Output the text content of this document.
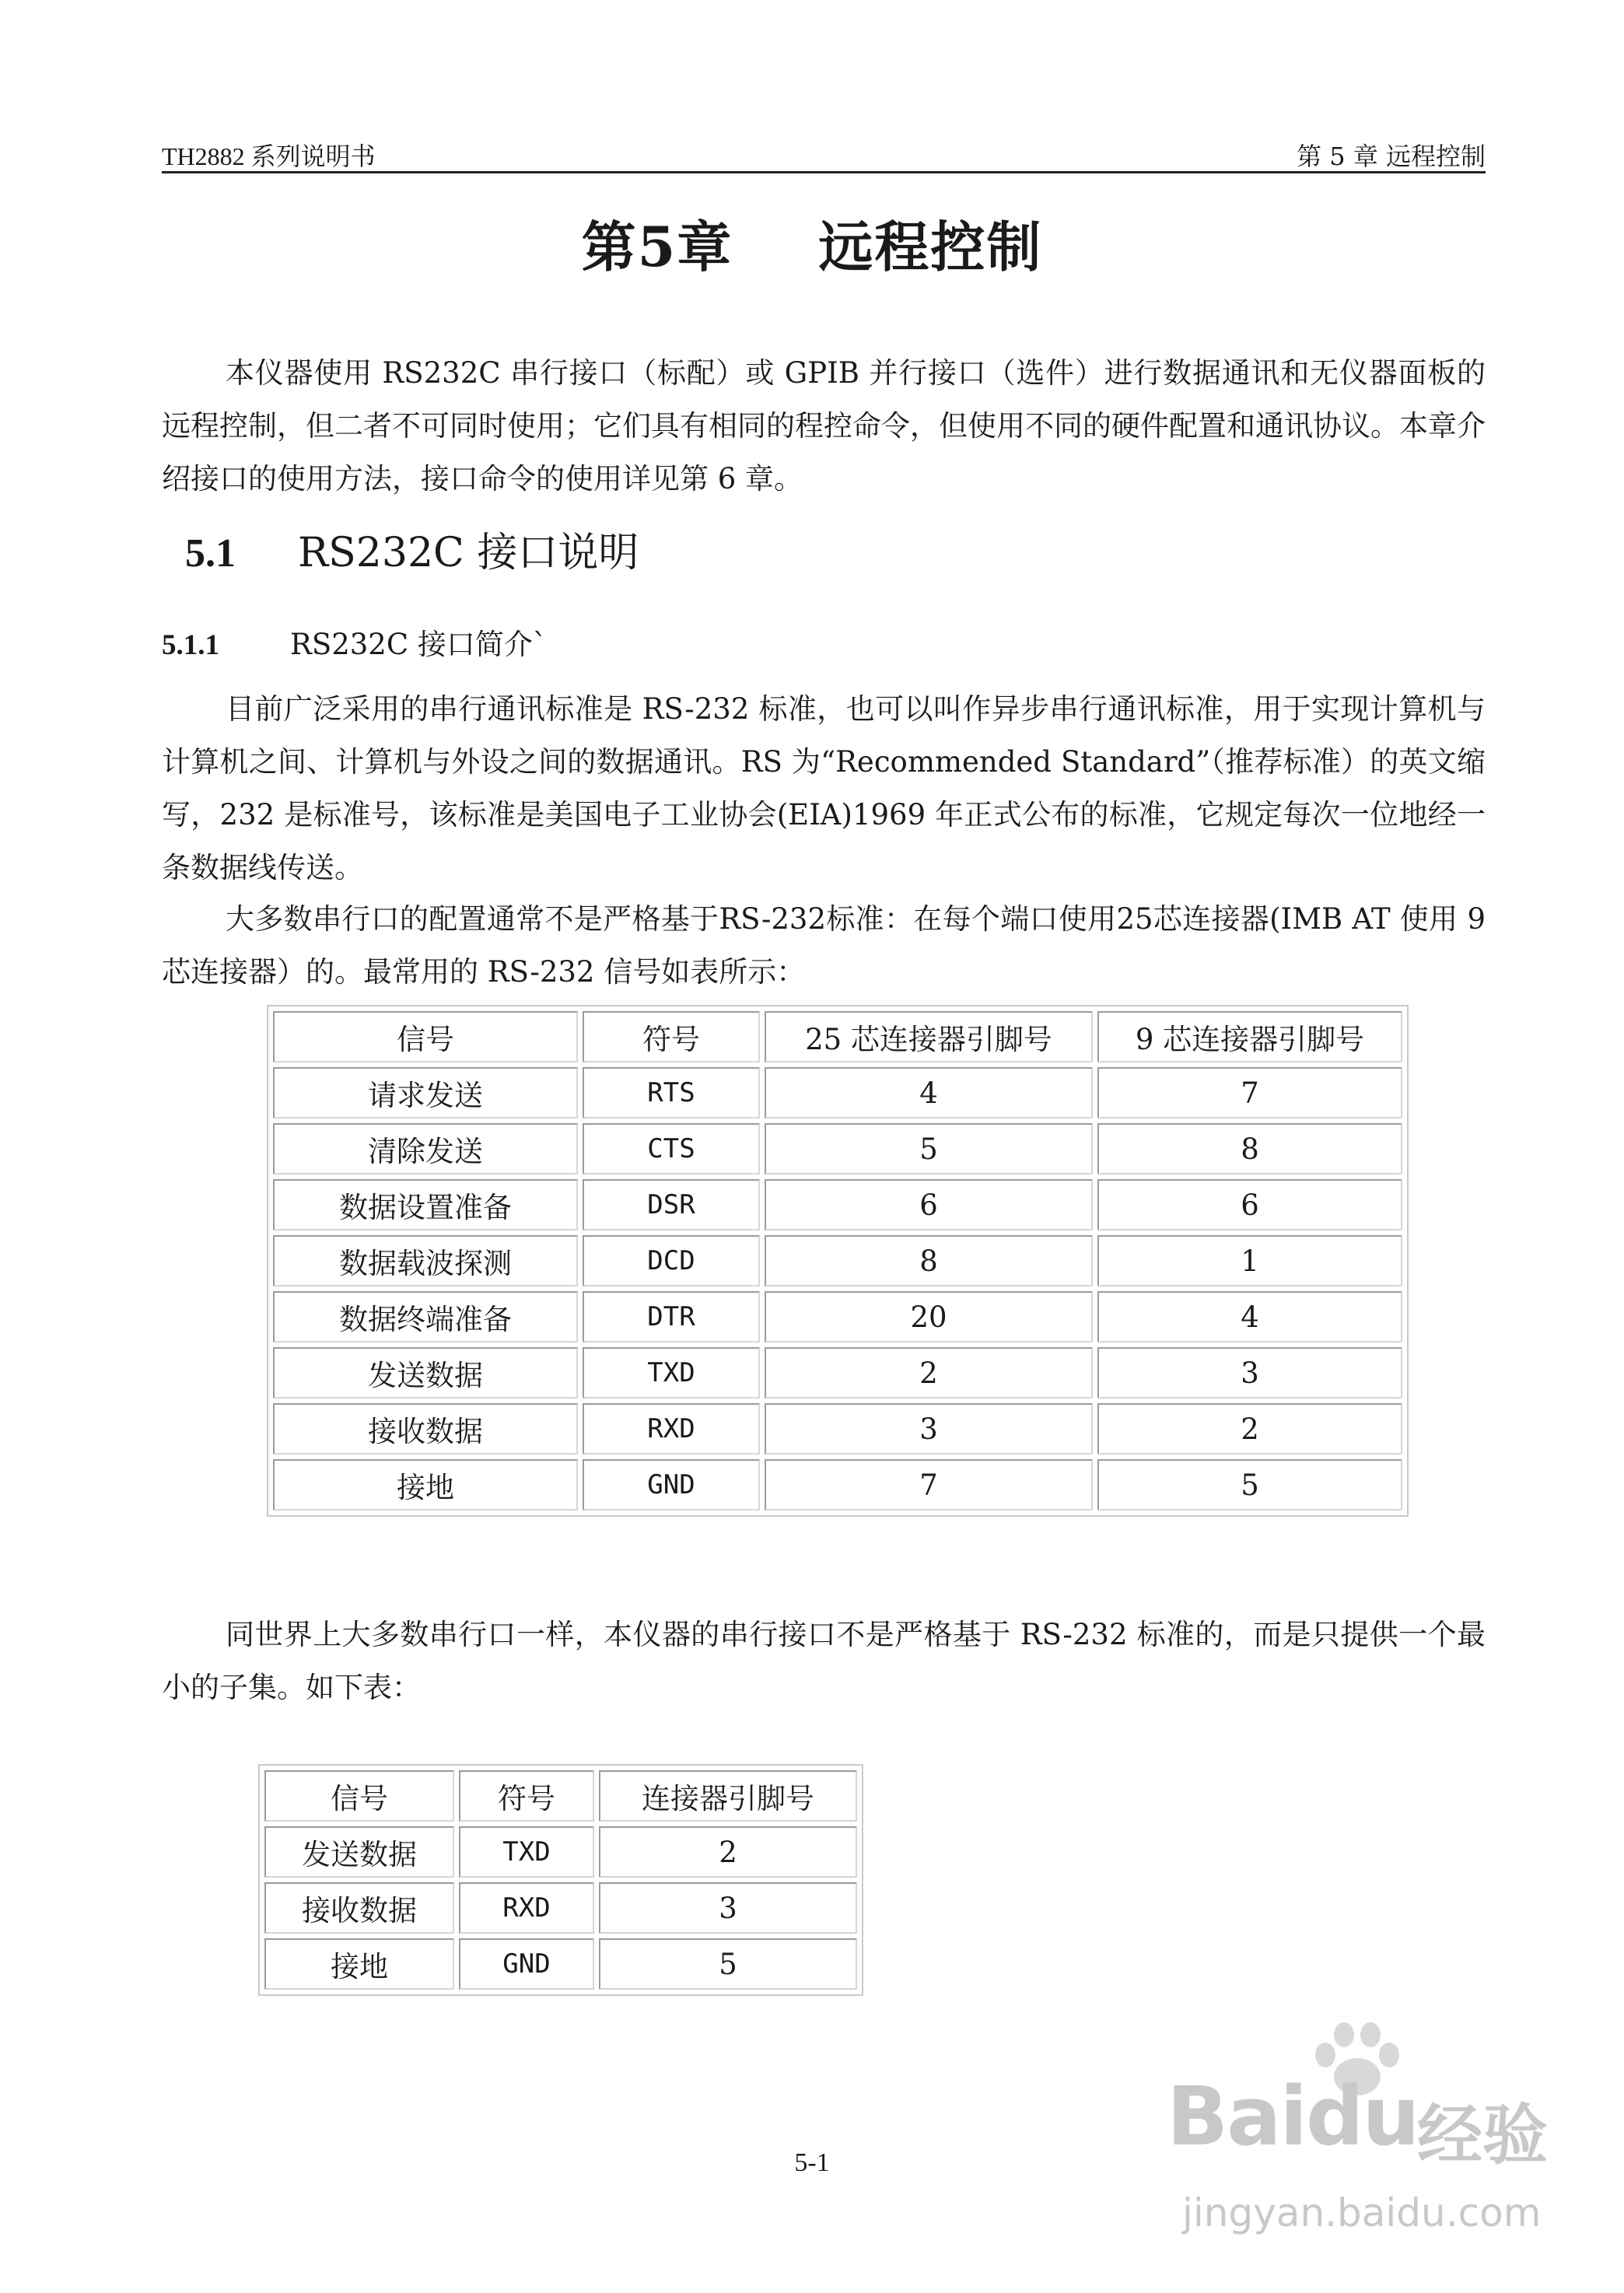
TH2882 系列说明书	第 5 章 远程控制
第5章 远程控制
本仪器使用 RS232C 串行接口（标配）或 GPIB 并行接口（选件）进行数据通讯和无仪器面板的远程控制，但二者不可同时使用；它们具有相同的程控命令，但使用不同的硬件配置和通讯协议。本章介绍接口的使用方法，接口命令的使用详见第 6 章。
5.1 RS232C 接口说明
5.1.1 RS232C 接口简介`
目前广泛采用的串行通讯标准是 RS-232 标准，也可以叫作异步串行通讯标准，用于实现计算机与计算机之间、计算机与外设之间的数据通讯。RS 为“Recommended Standard”（推荐标准）的英文缩写，232 是标准号，该标准是美国电子工业协会(EIA)1969 年正式公布的标准，它规定每次一位地经一条数据线传送。
大多数串行口的配置通常不是严格基于RS-232标准：在每个端口使用25芯连接器(IMB AT 使用 9 芯连接器）的。最常用的 RS-232 信号如表所示：
信号	符号	25 芯连接器引脚号	9 芯连接器引脚号
请求发送	RTS	4	7
清除发送	CTS	5	8
数据设置准备	DSR	6	6
数据载波探测	DCD	8	1
数据终端准备	DTR	20	4
发送数据	TXD	2	3
接收数据	RXD	3	2
接地	GND	7	5
同世界上大多数串行口一样，本仪器的串行接口不是严格基于 RS-232 标准的，而是只提供一个最小的子集。如下表：
信号	符号	连接器引脚号
发送数据	TXD	2
接收数据	RXD	3
接地	GND	5
5-1	Baidu
经验
jingyan.baidu.com
